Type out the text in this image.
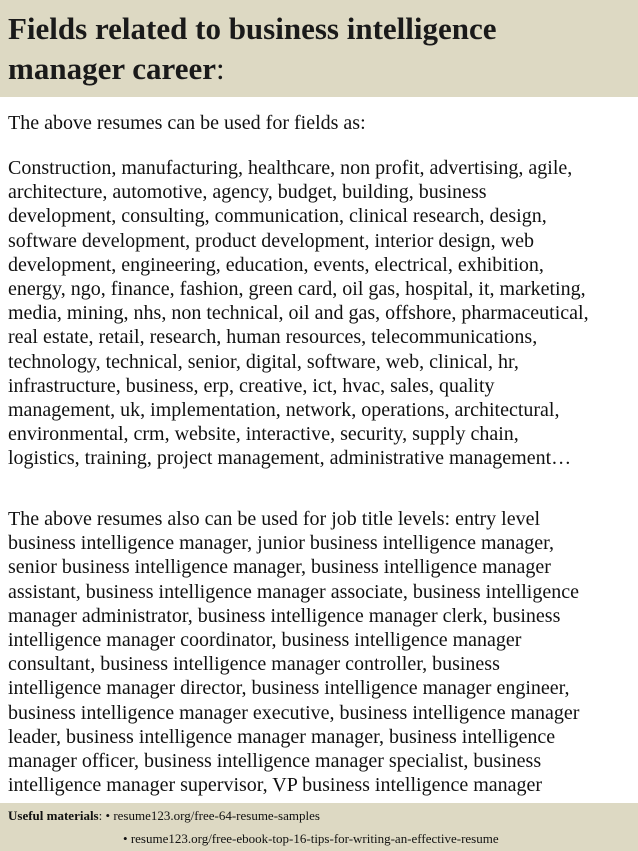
Fields related to business intelligence
manager career:

The above resumes can be used for fields as:

Construction, manufacturing, healthcare, non profit, advertising, agile,
architecture, automotive, agency, budget, building, business
development, consulting, communication, clinical research, design,
software development, product development, interior design, web
development, engineering, education, events, electrical, exhibition,
energy, ngo, finance, fashion, green card, oil gas, hospital, it, marketing,
media, mining, nhs, non technical, oil and gas, offshore, pharmaceutical,
real estate, retail, research, human resources, telecommunications,
technology, technical, senior, digital, software, web, clinical, hr,
infrastructure, business, erp, creative, ict, hvac, sales, quality
management, uk, implementation, network, operations, architectural,
environmental, crm, website, interactive, security, supply chain,
logistics, training, project management, administrative management…
The above resumes also can be used for job title levels: entry level
business intelligence manager, junior business intelligence manager,
senior business intelligence manager, business intelligence manager
assistant, business intelligence manager associate, business intelligence
manager administrator, business intelligence manager clerk, business
intelligence manager coordinator, business intelligence manager
consultant, business intelligence manager controller, business
intelligence manager director, business intelligence manager engineer,
business intelligence manager executive, business intelligence manager
leader, business intelligence manager manager, business intelligence
manager officer, business intelligence manager specialist, business
intelligence manager supervisor, VP business intelligence manager
Useful materials: • resume123.org/free-64-resume-samples
• resume123.org/free-ebook-top-16-tips-for-writing-an-effective-resume
